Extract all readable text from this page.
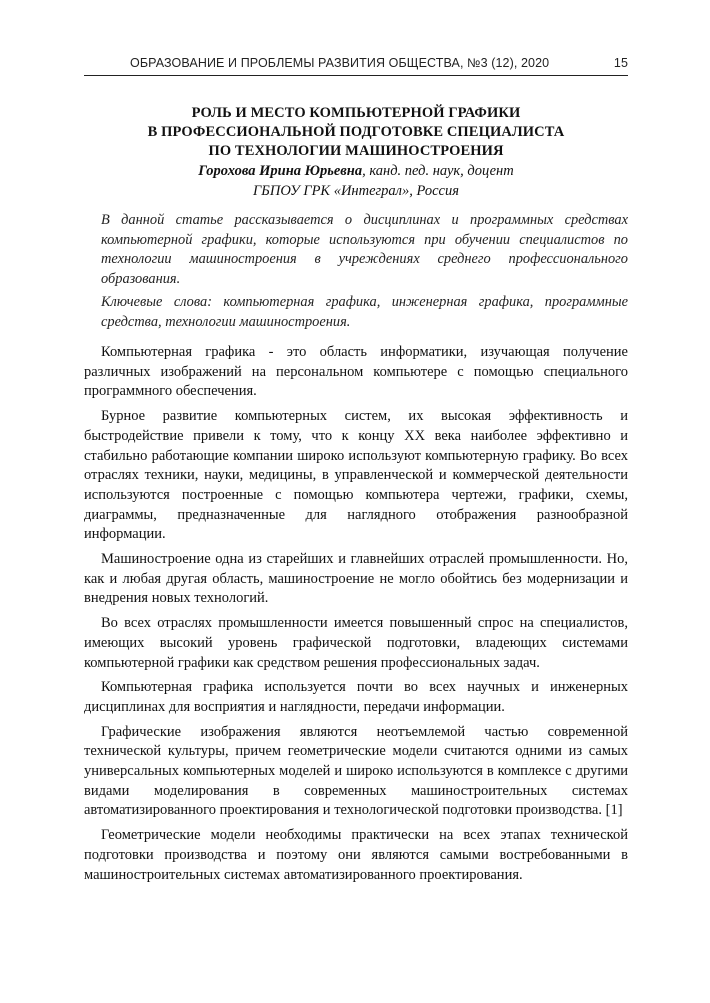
ОБРАЗОВАНИЕ И ПРОБЛЕМЫ РАЗВИТИЯ ОБЩЕСТВА, №3 (12), 2020	15
РОЛЬ И МЕСТО КОМПЬЮТЕРНОЙ ГРАФИКИ
В ПРОФЕССИОНАЛЬНОЙ ПОДГОТОВКЕ СПЕЦИАЛИСТА
ПО ТЕХНОЛОГИИ МАШИНОСТРОЕНИЯ
Горохова Ирина Юрьевна, канд. пед. наук, доцент
ГБПОУ ГРК «Интеграл», Россия

В данной статье рассказывается о дисциплинах и программных средствах компьютерной графики, которые используются при обучении специалистов по технологии машиностроения в учреждениях среднего профессионального образования.

Ключевые слова: компьютерная графика, инженерная графика, программные средства, технологии машиностроения.

Компьютерная графика - это область информатики, изучающая получение различных изображений на персональном компьютере с помощью специального программного обеспечения.

Бурное развитие компьютерных систем, их высокая эффективность и быстродействие привели к тому, что к концу XX века наиболее эффективно и стабильно работающие компании широко используют компьютерную графику. Во всех отраслях техники, науки, медицины, в управленческой и коммерческой деятельности используются построенные с помощью компьютера чертежи, графики, схемы, диаграммы, предназначенные для наглядного отображения разнообразной информации.

Машиностроение одна из старейших и главнейших отраслей промышленности. Но, как и любая другая область, машиностроение не могло обойтись без модернизации и внедрения новых технологий.

Во всех отраслях промышленности имеется повышенный спрос на специалистов, имеющих высокий уровень графической подготовки, владеющих системами компьютерной графики как средством решения профессиональных задач.

Компьютерная графика используется почти во всех научных и инженерных дисциплинах для восприятия и наглядности, передачи информации.

Графические изображения являются неотъемлемой частью современной технической культуры, причем геометрические модели считаются одними из самых универсальных компьютерных моделей и широко используются в комплексе с другими видами моделирования в современных машиностроительных системах автоматизированного проектирования и технологической подготовки производства. [1]

Геометрические модели необходимы практически на всех этапах технической подготовки производства и поэтому они являются самыми востребованными в машиностроительных системах автоматизированного проектирования.
